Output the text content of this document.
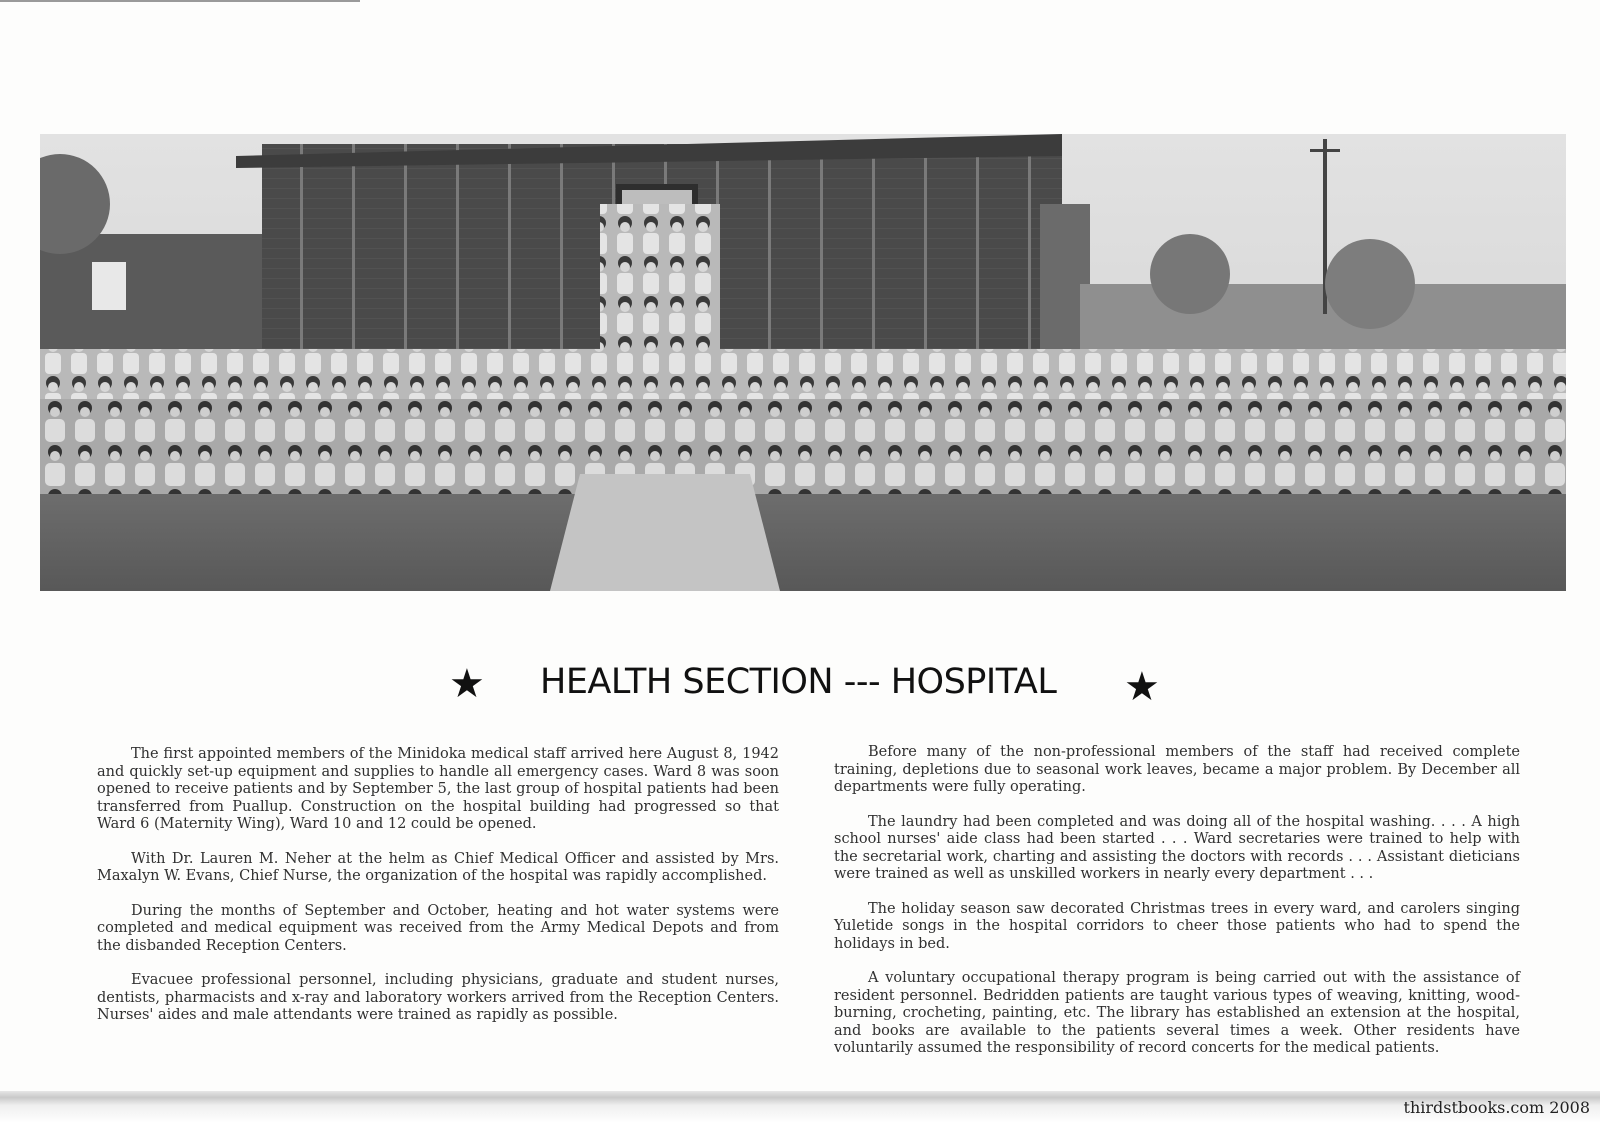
★ HEALTH SECTION --- HOSPITAL ★

The first appointed members of the Minidoka medical staff arrived here August 8, 1942 and quickly set-up equipment and supplies to handle all emergency cases. Ward 8 was soon opened to receive patients and by September 5, the last group of hospital patients had been transferred from Puallup. Construction on the hospital building had progressed so that Ward 6 (Maternity Wing), Ward 10 and 12 could be opened.

With Dr. Lauren M. Neher at the helm as Chief Medical Officer and assisted by Mrs. Maxalyn W. Evans, Chief Nurse, the organization of the hospital was rapidly accomplished.

During the months of September and October, heating and hot water systems were completed and medical equipment was received from the Army Medical Depots and from the disbanded Reception Centers.

Evacuee professional personnel, including physicians, graduate and student nurses, dentists, pharmacists and x-ray and laboratory workers arrived from the Reception Centers. Nurses' aides and male attendants were trained as rapidly as possible.

Before many of the non-professional members of the staff had received complete training, depletions due to seasonal work leaves, became a major problem. By December all departments were fully operating.

The laundry had been completed and was doing all of the hospital washing. . . . A high school nurses' aide class had been started . . . Ward secretaries were trained to help with the secretarial work, charting and assisting the doctors with records . . . Assistant dieticians were trained as well as unskilled workers in nearly every department . . .

The holiday season saw decorated Christmas trees in every ward, and carolers singing Yuletide songs in the hospital corridors to cheer those patients who had to spend the holidays in bed.

A voluntary occupational therapy program is being carried out with the assistance of resident personnel. Bedridden patients are taught various types of weaving, knitting, wood-burning, crocheting, painting, etc. The library has established an extension at the hospital, and books are available to the patients several times a week. Other residents have voluntarily assumed the responsibility of record concerts for the medical patients.

thirdstbooks.com 2008
